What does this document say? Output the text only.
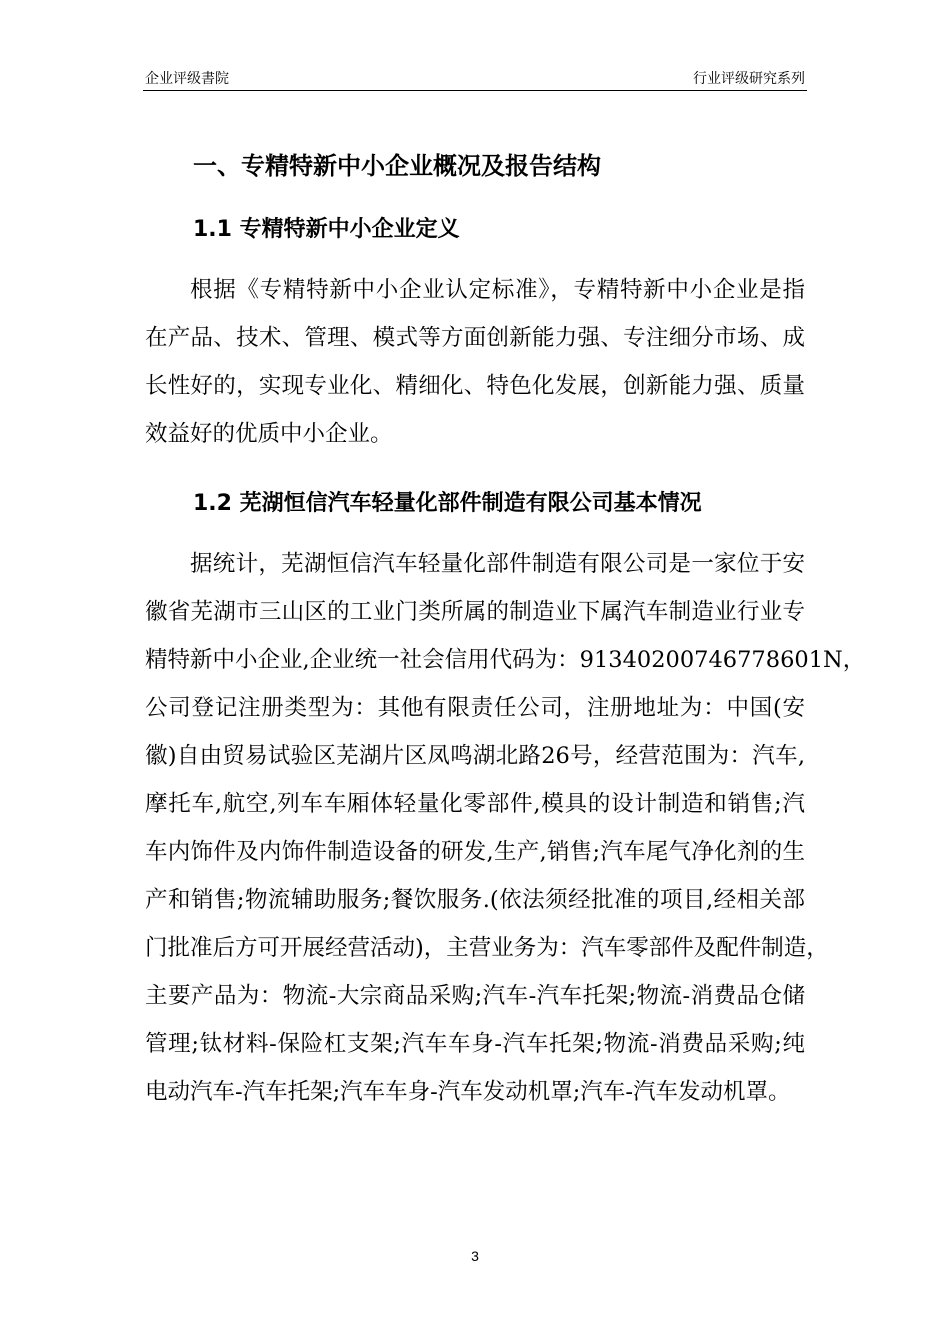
企业评级書院	行业评级研究系列
一、专精特新中小企业概况及报告结构
1.1 专精特新中小企业定义
根据《专精特新中小企业认定标准》，专精特新中小企业是指
在产品、技术、管理、模式等方面创新能力强、专注细分市场、成
长性好的，实现专业化、精细化、特色化发展，创新能力强、质量
效益好的优质中小企业。
1.2 芜湖恒信汽车轻量化部件制造有限公司基本情况
据统计，芜湖恒信汽车轻量化部件制造有限公司是一家位于安
徽省芜湖市三山区的工业门类所属的制造业下属汽车制造业行业专
精特新中小企业,企业统一社会信用代码为：9134020074677860​1N，
公司登记注册类型为：其他有限责任公司，注册地址为：中国(安
徽)自由贸易试验区芜湖片区凤鸣湖北路26号，经营范围为：汽车,
摩托车,航空,列车车厢体轻量化零部件,模具的设计制造和销售;汽
车内饰件及内饰件制造设备的研发,生产,销售;汽车尾气净化剂的生
产和销售;物流辅助服务;餐饮服务.(依法须经批准的项目,经相关部
门批准后方可开展经营活动)，主营业务为：汽车零部件及配件制造，
主要产品为：物流-大宗商品采购;汽车-汽车托架;物流-消费品仓储
管理;钛材料-保险杠支架;汽车车身-汽车托架;物流-消费品采购;纯
电动汽车-汽车托架;汽车车身-汽车发动机罩;汽车-汽车发动机罩。
3
